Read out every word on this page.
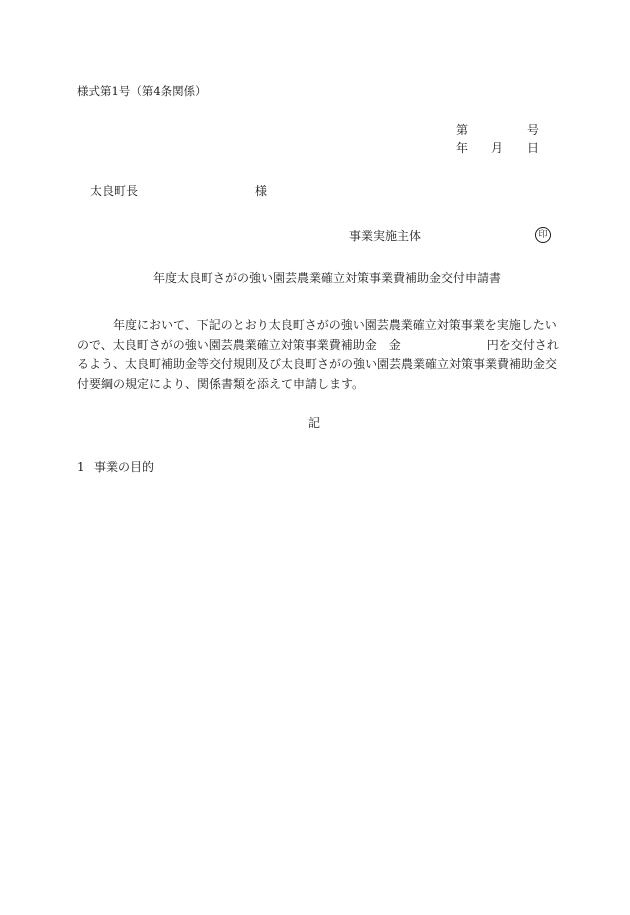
様式第1号（第4条関係）
第	号
年 月 日
太良町長	様
事業実施主体	印
年度太良町さがの強い園芸農業確立対策事業費補助金交付申請書
年度において、下記のとおり太良町さがの強い園芸農業確立対策事業を実施したい
ので、太良町さがの強い園芸農業確立対策事業費補助金　金	円を交付され
るよう、太良町補助金等交付規則及び太良町さがの強い園芸農業確立対策事業費補助金交
付要綱の規定により、関係書類を添えて申請します。
記
1 事業の目的
